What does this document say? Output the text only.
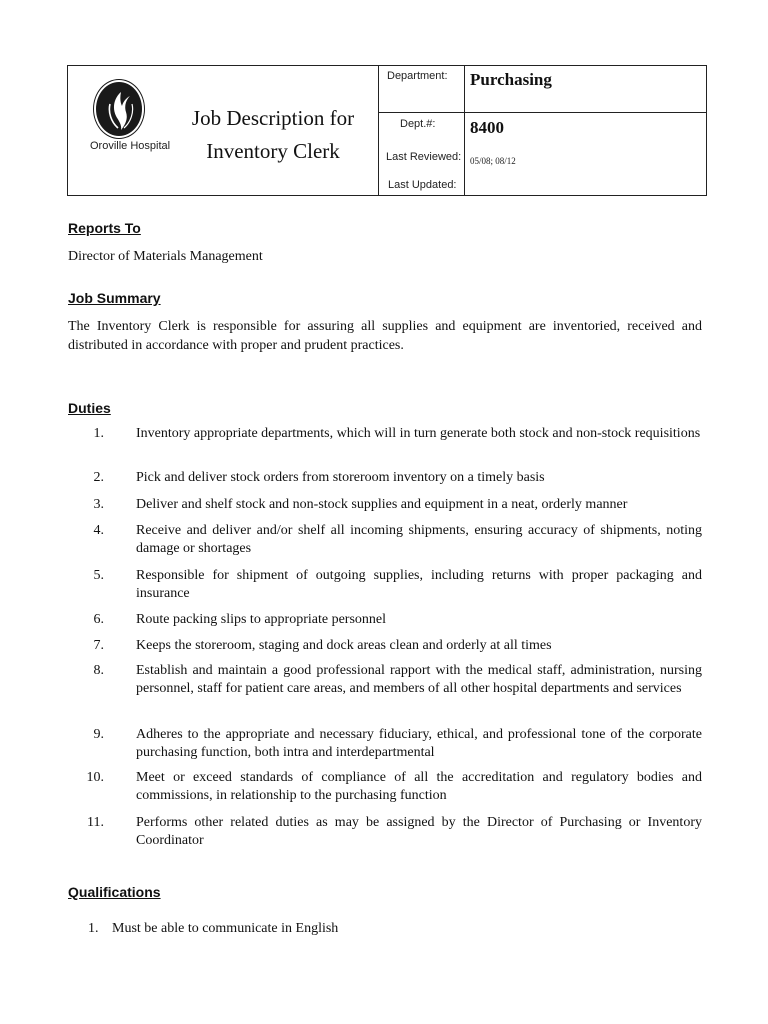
Oroville Hospital
Job Description for
Inventory Clerk
Department:
Dept.#:
Last Reviewed:
Last Updated:
Purchasing
8400
05/08; 08/12
Reports To
Director of Materials Management
Job Summary
The Inventory Clerk is responsible for assuring all supplies and equipment are inventoried, received and distributed in accordance with proper and prudent practices.
Duties
1. Inventory appropriate departments, which will in turn generate both stock and non-stock requisitions
2. Pick and deliver stock orders from storeroom inventory on a timely basis
3. Deliver and shelf stock and non-stock supplies and equipment in a neat, orderly manner
4. Receive and deliver and/or shelf all incoming shipments, ensuring accuracy of shipments, noting damage or shortages
5. Responsible for shipment of outgoing supplies, including returns with proper packaging and insurance
6. Route packing slips to appropriate personnel
7. Keeps the storeroom, staging and dock areas clean and orderly at all times
8. Establish and maintain a good professional rapport with the medical staff, administration, nursing personnel, staff for patient care areas, and members of all other hospital departments and services
9. Adheres to the appropriate and necessary fiduciary, ethical, and professional tone of the corporate purchasing function, both intra and interdepartmental
10. Meet or exceed standards of compliance of all the accreditation and regulatory bodies and commissions, in relationship to the purchasing function
11. Performs other related duties as may be assigned by the Director of Purchasing or Inventory Coordinator
Qualifications
1. Must be able to communicate in English
